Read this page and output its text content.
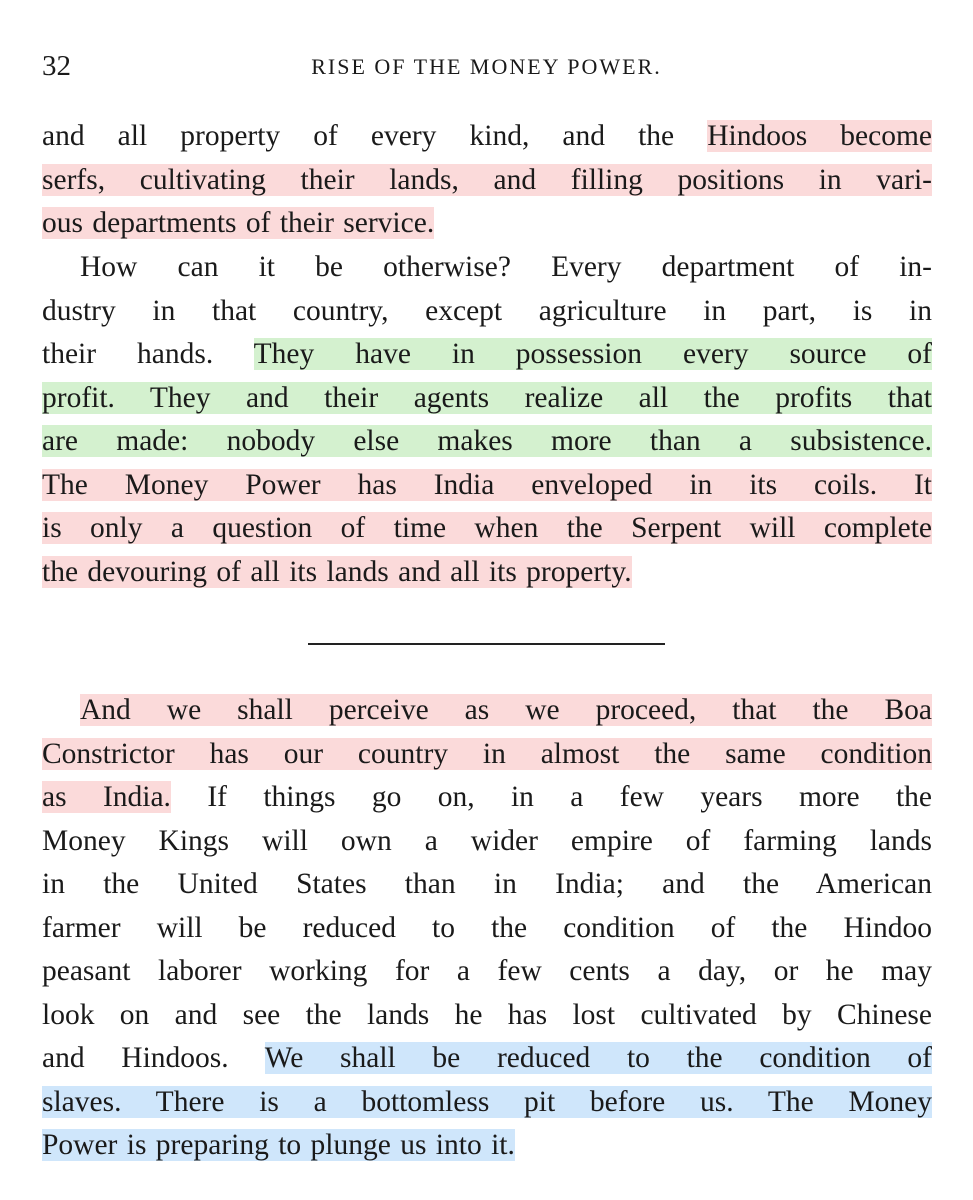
32	RISE OF THE MONEY POWER.
and all property of every kind, and the Hindoos become
serfs, cultivating their lands, and filling positions in vari-
ous departments of their service.
How can it be otherwise? Every department of in-
dustry in that country, except agriculture in part, is in
their hands. They have in possession every source of
profit. They and their agents realize all the profits that
are made: nobody else makes more than a subsistence.
The Money Power has India enveloped in its coils. It
is only a question of time when the Serpent will complete
the devouring of all its lands and all its property.
And we shall perceive as we proceed, that the Boa
Constrictor has our country in almost the same condition
as India. If things go on, in a few years more the
Money Kings will own a wider empire of farming lands
in the United States than in India; and the American
farmer will be reduced to the condition of the Hindoo
peasant laborer working for a few cents a day, or he may
look on and see the lands he has lost cultivated by Chinese
and Hindoos. We shall be reduced to the condition of
slaves. There is a bottomless pit before us. The Money
Power is preparing to plunge us into it.
